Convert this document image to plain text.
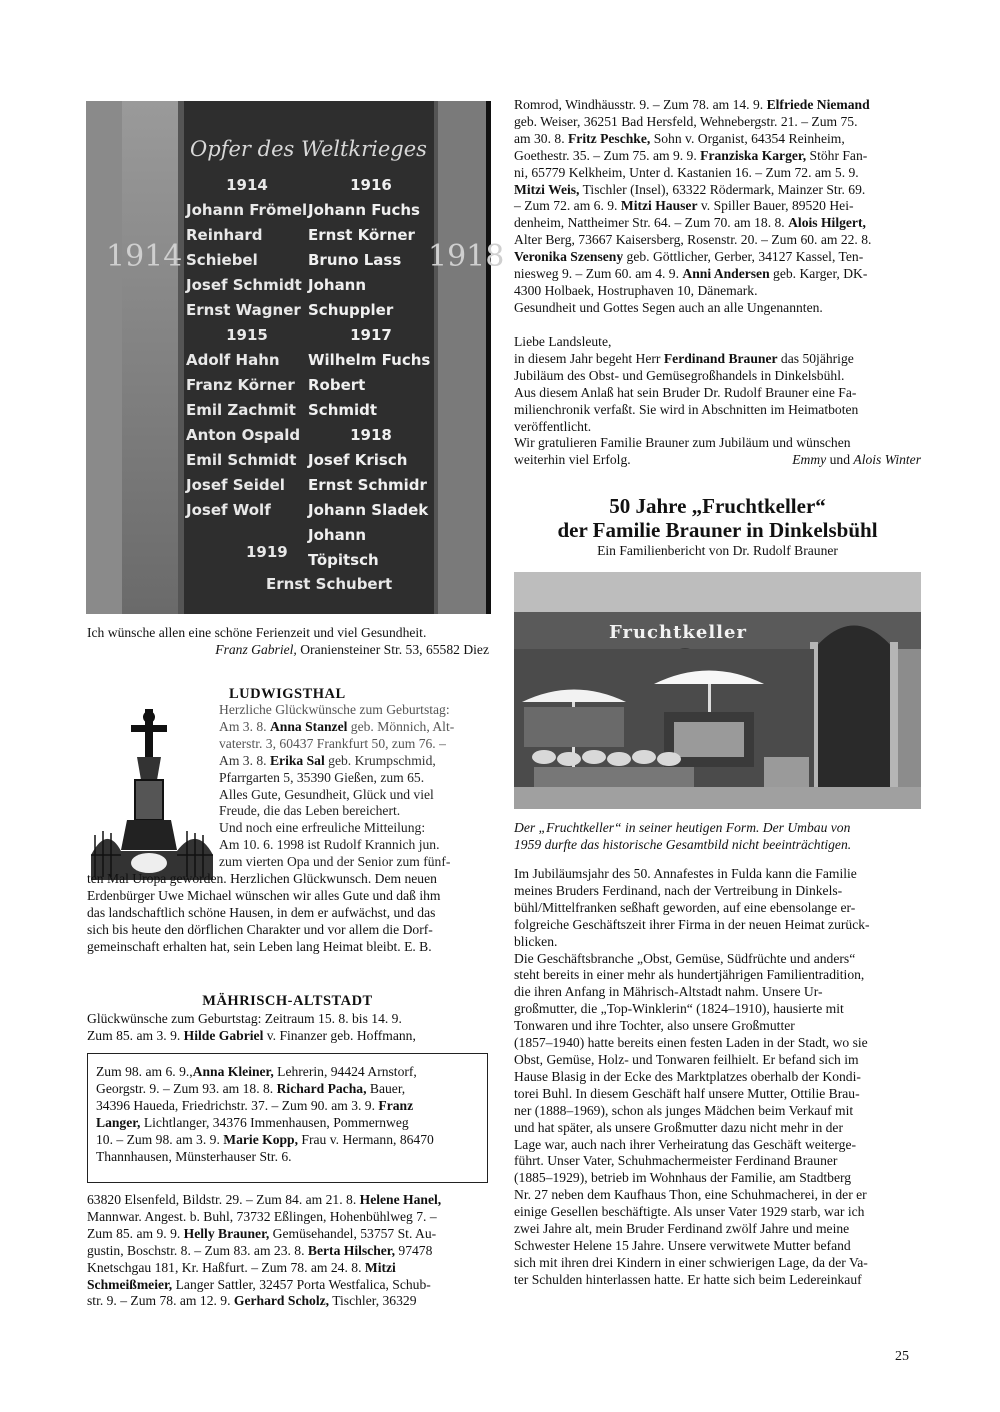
Opfer des Weltkrieges
1914	1918
1914
Johann Frömel
Reinhard Schiebel
Josef Schmidt
Ernst Wagner
1915
Adolf Hahn
Franz Körner
Emil Zachmit
Anton Ospald
Emil Schmidt
Josef Seidel
Josef Wolf
1916
Johann Fuchs
Ernst Körner
Bruno Lass
Johann Schuppler
1917
Wilhelm Fuchs
Robert Schmidt
1918
Josef Krisch
Ernst Schmidr
Johann Sladek
Johann Töpitsch
1919
Ernst Schubert
Ich wünsche allen eine schöne Ferienzeit und viel Gesundheit.
Franz Gabriel, Oraniensteiner Str. 53, 65582 Diez
LUDWIGSTHAL
Herzliche Glückwünsche zum Geburtstag:
Am 3. 8. Anna Stanzel geb. Mönnich, Alt-
vaterstr. 3, 60437 Frankfurt 50, zum 76. –
Am 3. 8. Erika Sal geb. Krumpschmid,
Pfarrgarten 5, 35390 Gießen, zum 65.
Alles Gute, Gesundheit, Glück und viel
Freude, die das Leben bereichert.
Und noch eine erfreuliche Mitteilung:
Am 10. 6. 1998 ist Rudolf Krannich jun.
zum vierten Opa und der Senior zum fünf-
ten Mal Uropa geworden. Herzlichen Glückwunsch. Dem neuen
Erdenbürger Uwe Michael wünschen wir alles Gute und daß ihm
das landschaftlich schöne Hausen, in dem er aufwächst, und das
sich bis heute den dörflichen Charakter und vor allem die Dorf-
gemeinschaft erhalten hat, sein Leben lang Heimat bleibt. E. B.
MÄHRISCH-ALTSTADT
Glückwünsche zum Geburtstag: Zeitraum 15. 8. bis 14. 9.
Zum 85. am 3. 9. Hilde Gabriel v. Finanzer geb. Hoffmann,
Zum 98. am 6. 9.,Anna Kleiner, Lehrerin, 94424 Arnstorf,
Georgstr. 9. – Zum 93. am 18. 8. Richard Pacha, Bauer,
34396 Haueda, Friedrichstr. 37. – Zum 90. am 3. 9. Franz
Langer, Lichtlanger, 34376 Immenhausen, Pommernweg
10. – Zum 98. am 3. 9. Marie Kopp, Frau v. Hermann, 86470
Thannhausen, Münsterhauser Str. 6.
63820 Elsenfeld, Bildstr. 29. – Zum 84. am 21. 8. Helene Hanel,
Mannwar. Angest. b. Buhl, 73732 Eßlingen, Hohenbühlweg 7. –
Zum 85. am 9. 9. Helly Brauner, Gemüsehandel, 53757 St. Au-
gustin, Boschstr. 8. – Zum 83. am 23. 8. Berta Hilscher, 97478
Knetschgau 181, Kr. Haßfurt. – Zum 78. am 24. 8. Mitzi
Schmeißmeier, Langer Sattler, 32457 Porta Westfalica, Schub-
str. 9. – Zum 78. am 12. 9. Gerhard Scholz, Tischler, 36329
Romrod, Windhäusstr. 9. – Zum 78. am 14. 9. Elfriede Niemand
geb. Weiser, 36251 Bad Hersfeld, Wehnebergstr. 21. – Zum 75.
am 30. 8. Fritz Peschke, Sohn v. Organist, 64354 Reinheim,
Goethestr. 35. – Zum 75. am 9. 9. Franziska Karger, Stöhr Fan-
ni, 65779 Kelkheim, Unter d. Kastanien 16. – Zum 72. am 5. 9.
Mitzi Weis, Tischler (Insel), 63322 Rödermark, Mainzer Str. 69.
– Zum 72. am 6. 9. Mitzi Hauser v. Spiller Bauer, 89520 Hei-
denheim, Nattheimer Str. 64. – Zum 70. am 18. 8. Alois Hilgert,
Alter Berg, 73667 Kaisersberg, Rosenstr. 20. – Zum 60. am 22. 8.
Veronika Szenseny geb. Göttlicher, Gerber, 34127 Kassel, Ten-
niesweg 9. – Zum 60. am 4. 9. Anni Andersen geb. Karger, DK-
4300 Holbaek, Hostruphaven 10, Dänemark.
Gesundheit und Gottes Segen auch an alle Ungenannten.
Liebe Landsleute,
in diesem Jahr begeht Herr Ferdinand Brauner das 50jährige
Jubiläum des Obst- und Gemüsegroßhandels in Dinkelsbühl.
Aus diesem Anlaß hat sein Bruder Dr. Rudolf Brauner eine Fa-
milienchronik verfaßt. Sie wird in Abschnitten im Heimatboten
veröffentlicht.
Wir gratulieren Familie Brauner zum Jubiläum und wünschen
weiterhin viel Erfolg.	Emmy und Alois Winter
50 Jahre „Fruchtkeller“
der Familie Brauner in Dinkelsbühl
Ein Familienbericht von Dr. Rudolf Brauner
Fruchtkeller
Der „Fruchtkeller“ in seiner heutigen Form. Der Umbau von
1959 durfte das historische Gesamtbild nicht beeinträchtigen.
Im Jubiläumsjahr des 50. Annafestes in Fulda kann die Familie
meines Bruders Ferdinand, nach der Vertreibung in Dinkels-
bühl/Mittelfranken seßhaft geworden, auf eine ebensolange er-
folgreiche Geschäftszeit ihrer Firma in der neuen Heimat zurück-
blicken.
Die Geschäftsbranche „Obst, Gemüse, Südfrüchte und anders“
steht bereits in einer mehr als hundertjährigen Familientradition,
die ihren Anfang in Mährisch-Altstadt nahm. Unsere Ur-
großmutter, die „Top-Winklerin“ (1824–1910), hausierte mit
Tonwaren und ihre Tochter, also unsere Großmutter
(1857–1940) hatte bereits einen festen Laden in der Stadt, wo sie
Obst, Gemüse, Holz- und Tonwaren feilhielt. Er befand sich im
Hause Blasig in der Ecke des Marktplatzes oberhalb der Kondi-
torei Buhl. In diesem Geschäft half unsere Mutter, Ottilie Brau-
ner (1888–1969), schon als junges Mädchen beim Verkauf mit
und hat später, als unsere Großmutter dazu nicht mehr in der
Lage war, auch nach ihrer Verheiratung das Geschäft weiterge-
führt. Unser Vater, Schuhmachermeister Ferdinand Brauner
(1885–1929), betrieb im Wohnhaus der Familie, am Stadtberg
Nr. 27 neben dem Kaufhaus Thon, eine Schuhmacherei, in der er
einige Gesellen beschäftigte. Als unser Vater 1929 starb, war ich
zwei Jahre alt, mein Bruder Ferdinand zwölf Jahre und meine
Schwester Helene 15 Jahre. Unsere verwitwete Mutter befand
sich mit ihren drei Kindern in einer schwierigen Lage, da der Va-
ter Schulden hinterlassen hatte. Er hatte sich beim Ledereinkauf
25
